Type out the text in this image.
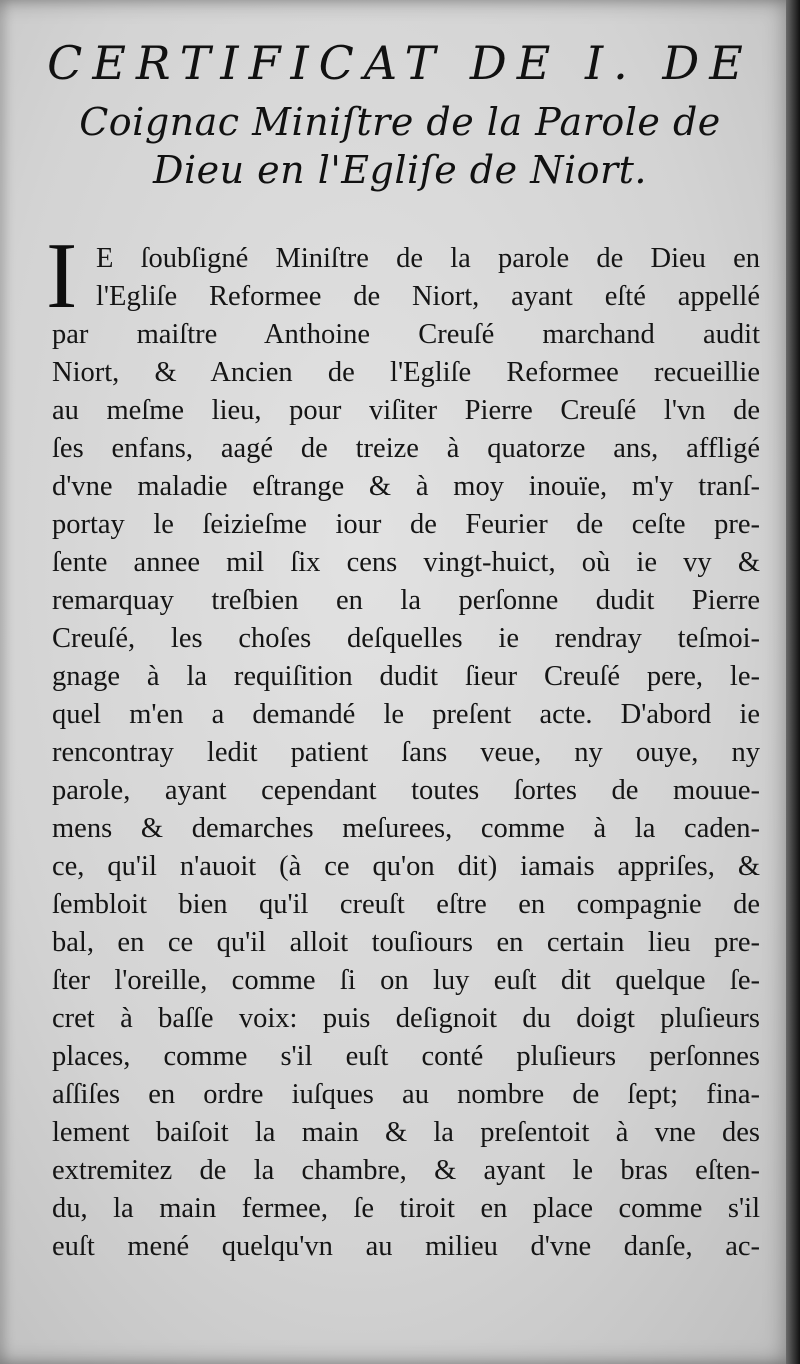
CERTIFICAT DE I. DE
Coignac Miniſtre de la Parole de
Dieu en l'Egliſe de Niort.
I E ſoubſigné Miniſtre de la parole de Dieu en
l'Egliſe Reformee de Niort, ayant eſté appellé
par maiſtre Anthoine Creuſé marchand audit
Niort, & Ancien de l'Egliſe Reformee recueillie
au meſme lieu, pour viſiter Pierre Creuſé l'vn de
ſes enfans, aagé de treize à quatorze ans, affligé
d'vne maladie eſtrange & à moy inouïe, m'y tranſ-
portay le ſeizieſme iour de Feurier de ceſte pre-
ſente annee mil ſix cens vingt-huict, où ie vy &
remarquay treſbien en la perſonne dudit Pierre
Creuſé, les choſes deſquelles ie rendray teſmoi-
gnage à la requiſition dudit ſieur Creuſé pere, le-
quel m'en a demandé le preſent acte. D'abord ie
rencontray ledit patient ſans veue, ny ouye, ny
parole, ayant cependant toutes ſortes de mouue-
mens & demarches meſurees, comme à la caden-
ce, qu'il n'auoit (à ce qu'on dit) iamais appriſes, &
ſembloit bien qu'il creuſt eſtre en compagnie de
bal, en ce qu'il alloit touſiours en certain lieu pre-
ſter l'oreille, comme ſi on luy euſt dit quelque ſe-
cret à baſſe voix: puis deſignoit du doigt pluſieurs
places, comme s'il euſt conté pluſieurs perſonnes
aſſiſes en ordre iuſques au nombre de ſept; fina-
lement baiſoit la main & la preſentoit à vne des
extremitez de la chambre, & ayant le bras eſten-
du, la main fermee, ſe tiroit en place comme s'il
euſt mené quelqu'vn au milieu d'vne danſe, ac-
